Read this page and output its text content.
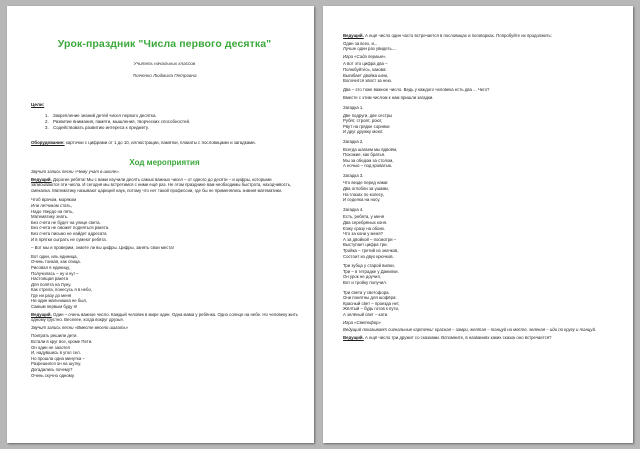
Урок-праздник "Числа первого десятка"
Учитель начальных классов
Ткаченко Людмила Петровна
Цели:
1. Закрепление знаний детей чисел первого десятка.
2. Развитие внимания, памяти, мышления, творческих способностей.
3. Содействовать развитию интереса к предмету.
Оборудование: карточки с цифрами от 1 до 10, иллюстрации, памятки, плакаты с пословицами и загадками.
Ход мероприятия

Звучит запись песни «Чему учат в школе».

Ведущий. Дорогие ребята! Мы с вами изучили десять самых важных чисел – от одного до десяти – и цифры, которыми записываются эти числа. И сегодня мы встретимся с ними ещё раз. Не этом празднике вам необходимы быстрота, находчивость, смекалка. Математику называют царицей наук, потому что нет такой профессии, где бы не применялись знания математики.

Чтоб врачом, моряком
Или летчиком стать,
Надо твердо на пять,
Математику знать.
Без счета не будет на улице света.
Без счета не сможет подняться ракета.
Без счета письмо не найдет адресата
И в прятки сыграть не сумеют ребята.

– Вот мы и проверим, знаете ли вы цифры. Цифры, занять свои места!

Вот один, иль единица,
Очень тонкая, как спица.
Рисовал я единицу,
Получилась – ну и ну! –
Настоящая ракета
Для полёта на Луну.
Как стрела, понесусь я в небо,
Где ни разу до меня
Ни один мальчишка не был,
Самым первым буду я!

Ведущий. Один – очень важное число. Каждый человек в мире один. Одна мама у ребёнка. Одно солнце на небе. Но человеку жить одному грустно. Веселее, когда вокруг друзья.

Звучит запись песни «Вместе весело шагать»

Поиграть решили дети.
Встали в круг все, кроме Пети.
Он один не захотел
И, надувшись в угол сел.
Но прошла одна минутка –
Разрешился он на шутку.
Догадались почему?
Очень скучно одному.

Ведущий. А ещё число один часто встречается в пословицах и поговорках. Попробуйте их продолжить:

Один за всех, и...
Лучше один раз увидеть....

Игра «Сада первые».

А вот это цифра два –
Полюбуйтесь, какова:
Выгибает двойка шею,
Волочится хвост за нею.

Два – это тоже важное число. Ведь у каждого человека есть два ... Чего?

Вместе с этим числом к нам пришли загадки.

Загадка 1.

Две подруги, две сестры
Рубят, строят, роют,
Рвут на грядке сорняки
И друг дружку моют.

Загадка 2.

Всегда шагаем мы вдвоём,
Похожие, как братья.
Мы за обедом за столом,
А ночью – под кроватью.

Загадка 3.

Что везде перед нами:
Два оглобли за ушами,
На глазах по колесу,
И седелка на носу.

Загадка 4.

Есть, ребята, у меня
Два серебряных коня.
Езжу сразу на обоих.
Что за кони у меня?
А за двойкой – посмотри –
Выступает цифра три.
Тройка – третий из значков,
Состоит из двух крючков.
Три зубца у старой вилки,
Три – в тетрадке у Данилки.
Он урок не доучил,
Вот и тройку получил.
Три света у светофора.
Они понятны для шофёра:
Красный свет – проезда нет,
Жёлтый – будь готов к пути,
А зелёный свет – кати.

Игра «Светофор»

Ведущий показывает сигнальные карточки: красная – замри, желтая – танцуй на месте, зеленая – иди по кругу и танцуй.

Ведущий. А ещё число три дружит со сказками. Вспомните, в названиях каких сказок оно встречается?
